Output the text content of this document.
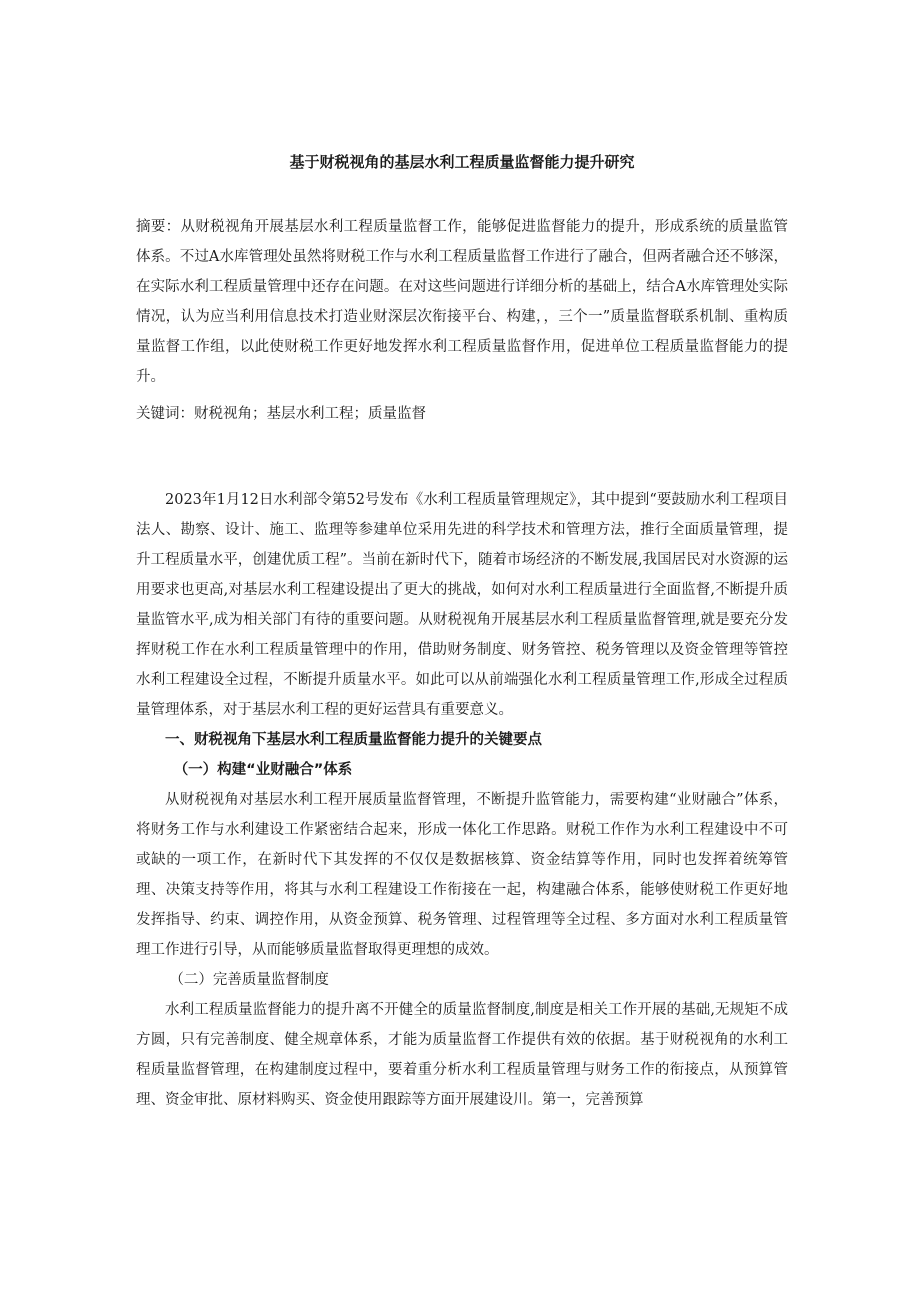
基于财税视角的基层水利工程质量监督能力提升研究
摘要：从财税视角开展基层水利工程质量监督工作，能够促进监督能力的提升，形成系统的质量监管体系。不过A水库管理处虽然将财税工作与水利工程质量监督工作进行了融合，但两者融合还不够深，在实际水利工程质量管理中还存在问题。在对这些问题进行详细分析的基础上，结合A水库管理处实际情况，认为应当利用信息技术打造业财深层次衔接平台、构建，，三个一”质量监督联系机制、重构质量监督工作组，以此使财税工作更好地发挥水利工程质量监督作用，促进单位工程质量监督能力的提升。
关键词：财税视角；基层水利工程；质量监督

2023年1月12日水利部令第52号发布《水利工程质量管理规定》，其中提到“要鼓励水利工程项目法人、勘察、设计、施工、监理等参建单位采用先进的科学技术和管理方法，推行全面质量管理，提升工程质量水平，创建优质工程”。当前在新时代下，随着市场经济的不断发展,我国居民对水资源的运用要求也更高,对基层水利工程建设提出了更大的挑战，如何对水利工程质量进行全面监督,不断提升质量监管水平,成为相关部门有待的重要问题。从财税视角开展基层水利工程质量监督管理,就是要充分发挥财税工作在水利工程质量管理中的作用，借助财务制度、财务管控、税务管理以及资金管理等管控水利工程建设全过程，不断提升质量水平。如此可以从前端强化水利工程质量管理工作,形成全过程质量管理体系，对于基层水利工程的更好运营具有重要意义。

一、财税视角下基层水利工程质量监督能力提升的关键要点

（一）构建“业财融合”体系

从财税视角对基层水利工程开展质量监督管理，不断提升监管能力，需要构建“业财融合”体系，将财务工作与水利建设工作紧密结合起来，形成一体化工作思路。财税工作作为水利工程建设中不可或缺的一项工作，在新时代下其发挥的不仅仅是数据核算、资金结算等作用，同时也发挥着统筹管理、决策支持等作用，将其与水利工程建设工作衔接在一起，构建融合体系，能够使财税工作更好地发挥指导、约束、调控作用，从资金预算、税务管理、过程管理等全过程、多方面对水利工程质量管理工作进行引导，从而能够质量监督取得更理想的成效。

（二）完善质量监督制度

水利工程质量监督能力的提升离不开健全的质量监督制度,制度是相关工作开展的基础,无规矩不成方圆，只有完善制度、健全规章体系，才能为质量监督工作提供有效的依据。基于财税视角的水利工程质量监督管理，在构建制度过程中，要着重分析水利工程质量管理与财务工作的衔接点，从预算管理、资金审批、原材料购买、资金使用跟踪等方面开展建设川。第一，完善预算
